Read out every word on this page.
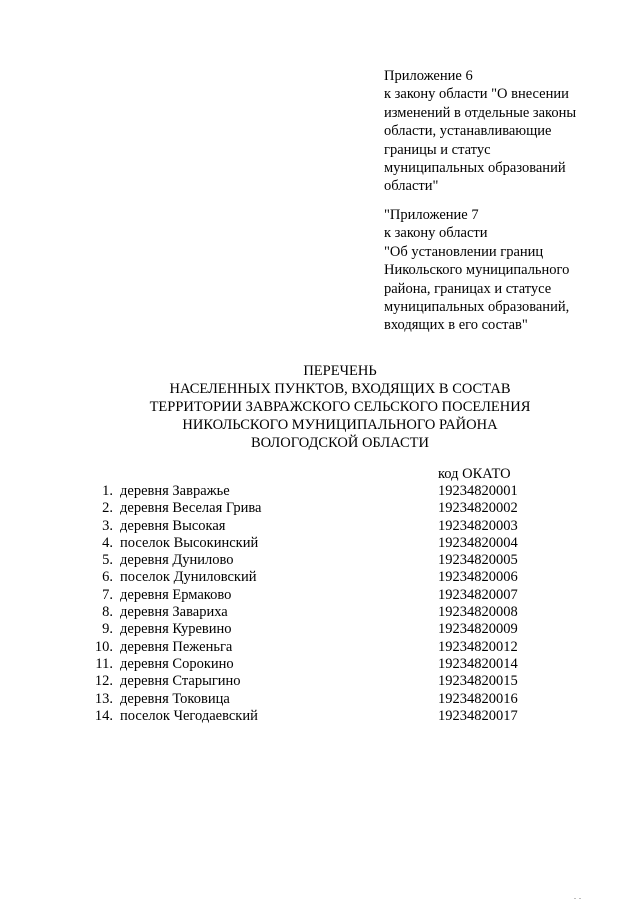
Приложение 6
к закону области "О внесении
изменений в отдельные законы
области, устанавливающие
границы и статус
муниципальных образований
области"
"Приложение 7
к закону области
"Об установлении границ
Никольского муниципального
района, границах и статусе
муниципальных образований,
входящих в его состав"
ПЕРЕЧЕНЬ
НАСЕЛЕННЫХ ПУНКТОВ, ВХОДЯЩИХ В СОСТАВ
ТЕРРИТОРИИ ЗАВРАЖСКОГО СЕЛЬСКОГО ПОСЕЛЕНИЯ
НИКОЛЬСКОГО МУНИЦИПАЛЬНОГО РАЙОНА
ВОЛОГОДСКОЙ ОБЛАСТИ
код ОКАТО
1. деревня Завражье	19234820001
2. деревня Веселая Грива	19234820002
3. деревня Высокая	19234820003
4. поселок Высокинский	19234820004
5. деревня Дунилово	19234820005
6. поселок Дуниловский	19234820006
7. деревня Ермаково	19234820007
8. деревня Завариха	19234820008
9. деревня Куревино	19234820009
10. деревня Пеженьга	19234820012
11. деревня Сорокино	19234820014
12. деревня Старыгино	19234820015
13. деревня Токовица	19234820016
14. поселок Чегодаевский	19234820017
